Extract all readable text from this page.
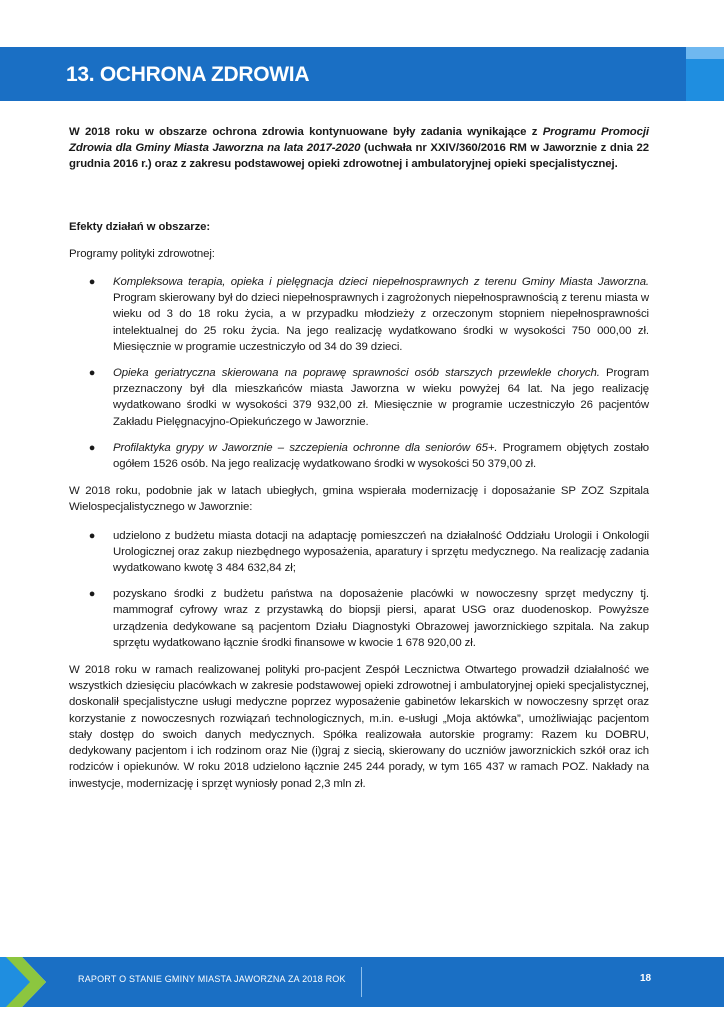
13. OCHRONA ZDROWIA

W 2018 roku w obszarze ochrona zdrowia kontynuowane były zadania wynikające z Programu Promocji Zdrowia dla Gminy Miasta Jaworzna na lata 2017-2020 (uchwała nr XXIV/360/2016 RM w Jaworznie z dnia 22 grudnia 2016 r.) oraz z zakresu podstawowej opieki zdrowotnej i ambulatoryjnej opieki specjalistycznej.

Efekty działań w obszarze:

Programy polityki zdrowotnej:

● Kompleksowa terapia, opieka i pielęgnacja dzieci niepełnosprawnych z terenu Gminy Miasta Jaworzna. Program skierowany był do dzieci niepełnosprawnych i zagrożonych niepełnosprawnością z terenu miasta w wieku od 3 do 18 roku życia, a w przypadku młodzieży z orzeczonym stopniem niepełnosprawności intelektualnej do 25 roku życia. Na jego realizację wydatkowano środki w wysokości 750 000,00 zł. Miesięcznie w programie uczestniczyło od 34 do 39 dzieci.
● Opieka geriatryczna skierowana na poprawę sprawności osób starszych przewlekle chorych. Program przeznaczony był dla mieszkańców miasta Jaworzna w wieku powyżej 64 lat. Na jego realizację wydatkowano środki w wysokości 379 932,00 zł. Miesięcznie w programie uczestniczyło 26 pacjentów Zakładu Pielęgnacyjno-Opiekuńczego w Jaworznie.
● Profilaktyka grypy w Jaworznie – szczepienia ochronne dla seniorów 65+. Programem objętych zostało ogółem 1526 osób. Na jego realizację wydatkowano środki w wysokości 50 379,00 zł.

W 2018 roku, podobnie jak w latach ubiegłych, gmina wspierała modernizację i doposażanie SP ZOZ Szpitala Wielospecjalistycznego w Jaworznie:

● udzielono z budżetu miasta dotacji na adaptację pomieszczeń na działalność Oddziału Urologii i Onkologii Urologicznej oraz zakup niezbędnego wyposażenia, aparatury i sprzętu medycznego. Na realizację zadania wydatkowano kwotę 3 484 632,84 zł;
● pozyskano środki z budżetu państwa na doposażenie placówki w nowoczesny sprzęt medyczny tj. mammograf cyfrowy wraz z przystawką do biopsji piersi, aparat USG oraz duodenoskop. Powyższe urządzenia dedykowane są pacjentom Działu Diagnostyki Obrazowej jaworznickiego szpitala. Na zakup sprzętu wydatkowano łącznie środki finansowe w kwocie 1 678 920,00 zł.

W 2018 roku w ramach realizowanej polityki pro-pacjent Zespół Lecznictwa Otwartego prowadził działalność we wszystkich dziesięciu placówkach w zakresie podstawowej opieki zdrowotnej i ambulatoryjnej opieki specjalistycznej, doskonalił specjalistyczne usługi medyczne poprzez wyposażenie gabinetów lekarskich w nowoczesny sprzęt oraz korzystanie z nowoczesnych rozwiązań technologicznych, m.in. e-usługi „Moja aktówka”, umożliwiając pacjentom stały dostęp do swoich danych medycznych. Spółka realizowała autorskie programy: Razem ku DOBRU, dedykowany pacjentom i ich rodzinom oraz Nie (i)graj z siecią, skierowany do uczniów jaworznickich szkół oraz ich rodziców i opiekunów. W roku 2018 udzielono łącznie 245 244 porady, w tym 165 437 w ramach POZ. Nakłady na inwestycje, modernizację i sprzęt wyniosły ponad 2,3 mln zł.

RAPORT O STANIE GMINY MIASTA JAWORZNA ZA 2018 ROK	18
